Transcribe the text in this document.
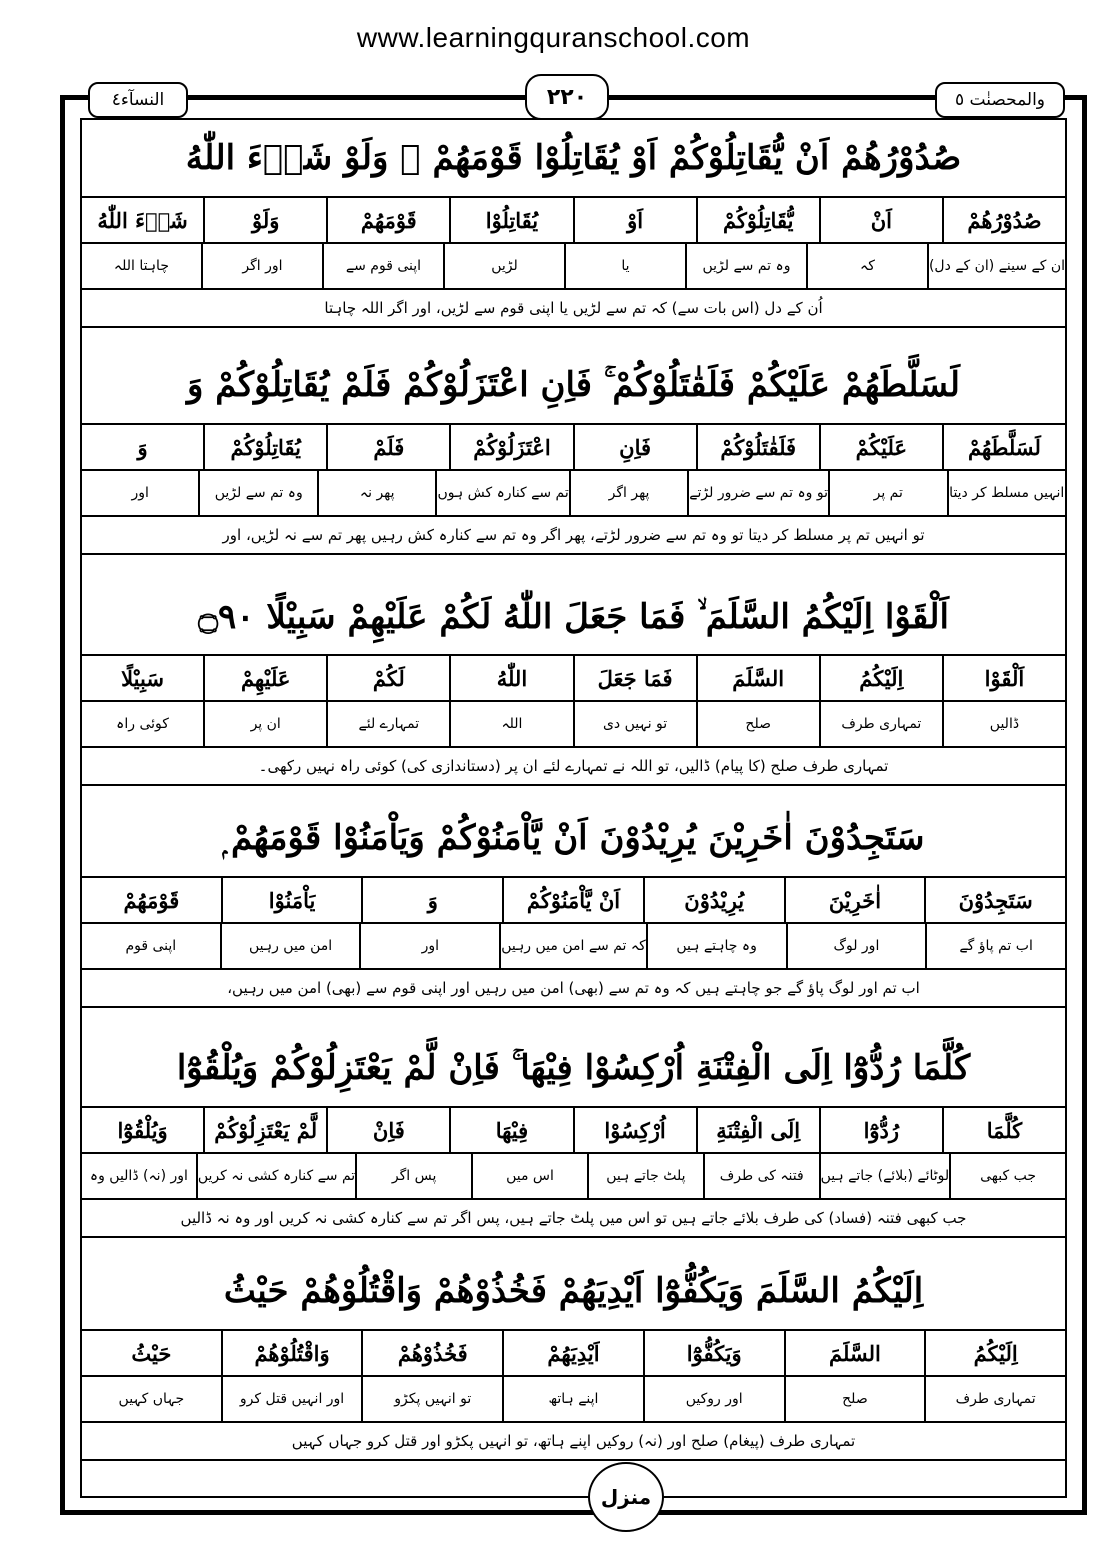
www.learningquranschool.com
النسآء٤	٢٢٠	والمحصنٰت ٥
صُدُوْرُهُمْ اَنْ يُّقَاتِلُوْكُمْ اَوْ يُقَاتِلُوْا قَوْمَهُمْ ۭ وَلَوْ شَاۗءَ اللّٰهُ
صُدُوْرُهُمْ
اَنْ
يُّقَاتِلُوْكُمْ
اَوْ
يُقَاتِلُوْا
قَوْمَهُمْ
وَلَوْ
شَاۗءَ اللّٰهُ
ان کے سینے (ان کے دل)
کہ
وہ تم سے لڑیں
یا
لڑیں
اپنی قوم سے
اور اگر
چاہتا اللہ
اُن کے دل (اس بات سے) کہ تم سے لڑیں یا اپنی قوم سے لڑیں، اور اگر اللہ چاہتا
لَسَلَّطَهُمْ عَلَيْكُمْ فَلَقٰتَلُوْكُمْ ۚ فَاِنِ اعْتَزَلُوْكُمْ فَلَمْ يُقَاتِلُوْكُمْ وَ
لَسَلَّطَهُمْ
عَلَيْكُمْ
فَلَقٰتَلُوْكُمْ
فَاِنِ
اعْتَزَلُوْكُمْ
فَلَمْ
يُقَاتِلُوْكُمْ
وَ
انہیں مسلط کر دیتا
تم پر
تو وہ تم سے ضرور لڑتے
پھر اگر
تم سے کنارہ کش ہوں
پھر نہ
وہ تم سے لڑیں
اور
تو انہیں تم پر مسلط کر دیتا تو وہ تم سے ضرور لڑتے، پھر اگر وہ تم سے کنارہ کش رہیں پھر تم سے نہ لڑیں، اور
اَلْقَوْا اِلَيْكُمُ السَّلَمَ ۙ فَمَا جَعَلَ اللّٰهُ لَكُمْ عَلَيْهِمْ سَبِيْلًا ۝٩٠
اَلْقَوْا
اِلَيْكُمُ
السَّلَمَ
فَمَا جَعَلَ
اللّٰهُ
لَكُمْ
عَلَيْهِمْ
سَبِيْلًا
ڈالیں
تمہاری طرف
صلح
تو نہیں دی
اللہ
تمہارے لئے
ان پر
کوئی راہ
تمہاری طرف صلح (کا پیام) ڈالیں، تو اللہ نے تمہارے لئے ان پر (دستاندازی کی) کوئی راہ نہیں رکھی۔
سَتَجِدُوْنَ اٰخَرِيْنَ يُرِيْدُوْنَ اَنْ يَّاْمَنُوْكُمْ وَيَاْمَنُوْا قَوْمَهُمْ ۭ
سَتَجِدُوْنَ
اٰخَرِيْنَ
يُرِيْدُوْنَ
اَنْ يَّاْمَنُوْكُمْ
وَ
يَاْمَنُوْا
قَوْمَهُمْ
اب تم پاؤ گے
اور لوگ
وہ چاہتے ہیں
کہ تم سے امن میں رہیں
اور
امن میں رہیں
اپنی قوم
اب تم اور لوگ پاؤ گے جو چاہتے ہیں کہ وہ تم سے (بھی) امن میں رہیں اور اپنی قوم سے (بھی) امن میں رہیں،
كُلَّمَا رُدُّوْٓا اِلَى الْفِتْنَةِ اُرْكِسُوْا فِيْهَا ۚ فَاِنْ لَّمْ يَعْتَزِلُوْكُمْ وَيُلْقُوْٓا
كُلَّمَا
رُدُّوْٓا
اِلَى الْفِتْنَةِ
اُرْكِسُوْا
فِيْهَا
فَاِنْ
لَّمْ يَعْتَزِلُوْكُمْ
وَيُلْقُوْٓا
جب کبھی
لوٹائے (بلائے) جاتے ہیں
فتنہ کی طرف
پلٹ جاتے ہیں
اس میں
پس اگر
تم سے کنارہ کشی نہ کریں
اور (نہ) ڈالیں وہ
جب کبھی فتنہ (فساد) کی طرف بلائے جاتے ہیں تو اس میں پلٹ جاتے ہیں، پس اگر تم سے کنارہ کشی نہ کریں اور وہ نہ ڈالیں
اِلَيْكُمُ السَّلَمَ وَيَكُفُّوْٓا اَيْدِيَهُمْ فَخُذُوْهُمْ وَاقْتُلُوْهُمْ حَيْثُ
اِلَيْكُمُ
السَّلَمَ
وَيَكُفُّوْٓا
اَيْدِيَهُمْ
فَخُذُوْهُمْ
وَاقْتُلُوْهُمْ
حَيْثُ
تمہاری طرف
صلح
اور روکیں
اپنے ہاتھ
تو انہیں پکڑو
اور انہیں قتل کرو
جہاں کہیں
تمہاری طرف (پیغام) صلح اور (نہ) روکیں اپنے ہاتھ، تو انہیں پکڑو اور قتل کرو جہاں کہیں
منزل
